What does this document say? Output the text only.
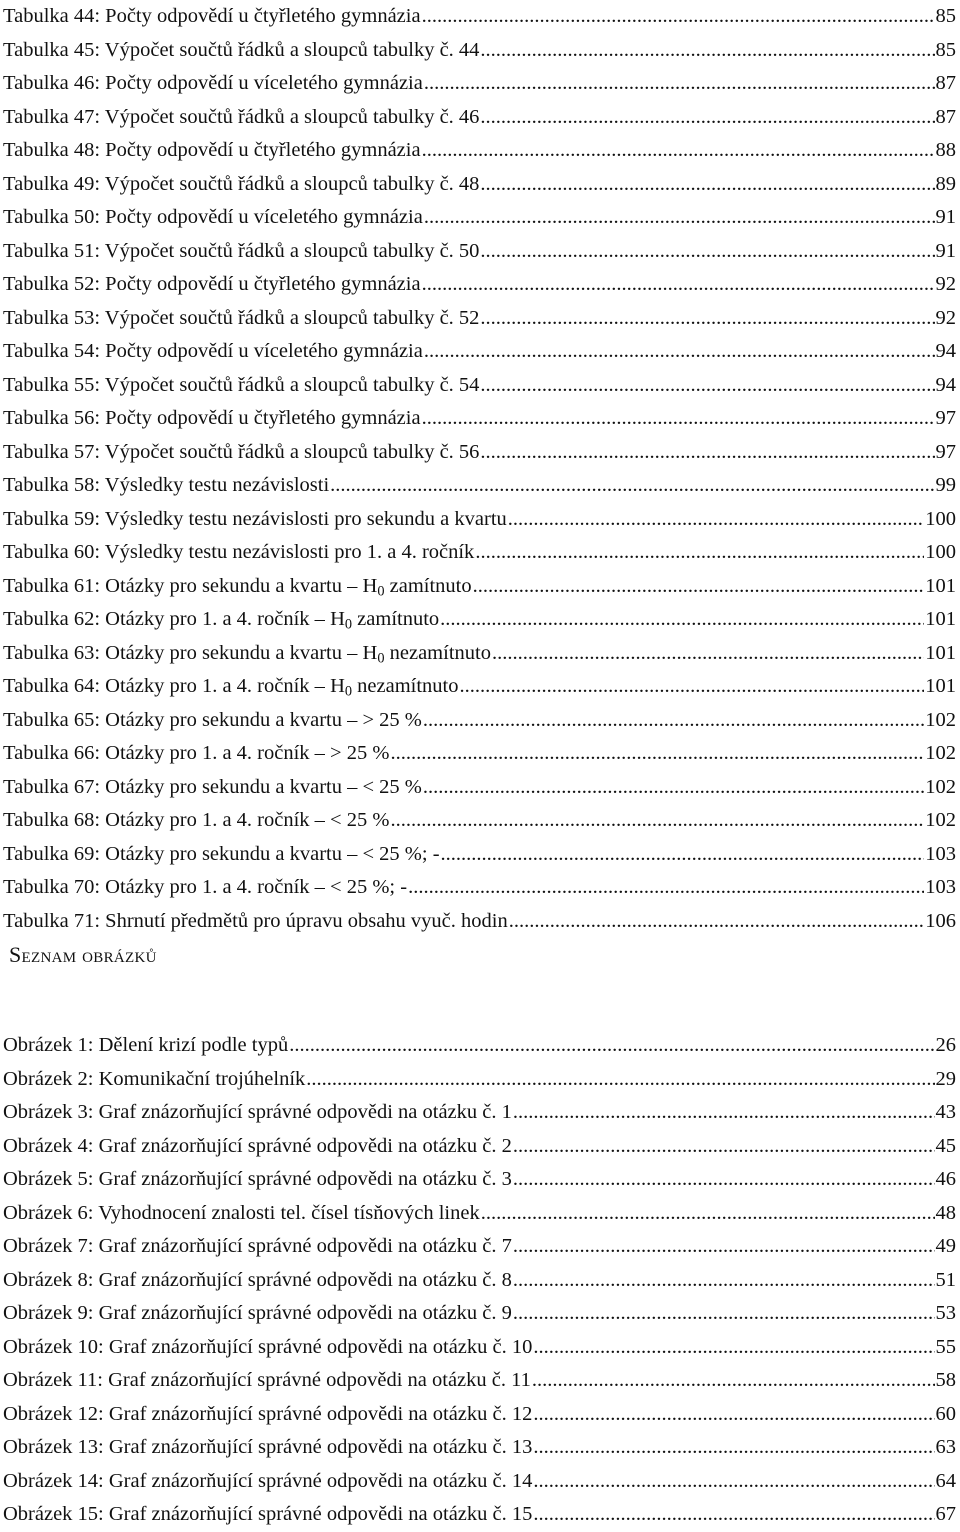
Tabulka 44: Počty odpovědí u čtyřletého gymnázia .....	85
Tabulka 45: Výpočet součtů řádků a sloupců tabulky č. 44 .....	85
Tabulka 46: Počty odpovědí u víceletého gymnázia .....	87
Tabulka 47: Výpočet součtů řádků a sloupců tabulky č. 46 .....	87
Tabulka 48: Počty odpovědí u čtyřletého gymnázia .....	88
Tabulka 49: Výpočet součtů řádků a sloupců tabulky č. 48 .....	89
Tabulka 50: Počty odpovědí u víceletého gymnázia .....	91
Tabulka 51: Výpočet součtů řádků a sloupců tabulky č. 50 .....	91
Tabulka 52: Počty odpovědí u čtyřletého gymnázia .....	92
Tabulka 53: Výpočet součtů řádků a sloupců tabulky č. 52 .....	92
Tabulka 54: Počty odpovědí u víceletého gymnázia .....	94
Tabulka 55: Výpočet součtů řádků a sloupců tabulky č. 54 .....	94
Tabulka 56: Počty odpovědí u čtyřletého gymnázia .....	97
Tabulka 57: Výpočet součtů řádků a sloupců tabulky č. 56 .....	97
Tabulka 58: Výsledky testu nezávislosti .....	99
Tabulka 59: Výsledky testu nezávislosti pro sekundu a kvartu .....	100
Tabulka 60: Výsledky testu nezávislosti pro 1. a 4. ročník .....	100
Tabulka 61: Otázky pro sekundu a kvartu – $H_0$ zamítnuto .....	101
Tabulka 62: Otázky pro 1. a 4. ročník – $H_0$ zamítnuto .....	101
Tabulka 63: Otázky pro sekundu a kvartu – $H_0$ nezamítnuto .....	101
Tabulka 64: Otázky pro 1. a 4. ročník – $H_0$ nezamítnuto .....	101
Tabulka 65: Otázky pro sekundu a kvartu – > 25 % .....	102
Tabulka 66: Otázky pro 1. a 4. ročník – > 25 % .....	102
Tabulka 67: Otázky pro sekundu a kvartu – < 25 % .....	102
Tabulka 68: Otázky pro 1. a 4. ročník – < 25 % .....	102
Tabulka 69: Otázky pro sekundu a kvartu – < 25 %; - .....	103
Tabulka 70: Otázky pro 1. a 4. ročník – < 25 %; - .....	103
Tabulka 71: Shrnutí předmětů pro úpravu obsahu vyuč. hodin .....	106
Seznam obrázků
Obrázek 1: Dělení krizí podle typů .....	26
Obrázek 2: Komunikační trojúhelník .....	29
Obrázek 3: Graf znázorňující správné odpovědi na otázku č. 1 .....	43
Obrázek 4: Graf znázorňující správné odpovědi na otázku č. 2 .....	45
Obrázek 5: Graf znázorňující správné odpovědi na otázku č. 3 .....	46
Obrázek 6: Vyhodnocení znalosti tel. čísel tísňových linek .....	48
Obrázek 7: Graf znázorňující správné odpovědi na otázku č. 7 .....	49
Obrázek 8: Graf znázorňující správné odpovědi na otázku č. 8 .....	51
Obrázek 9: Graf znázorňující správné odpovědi na otázku č. 9 .....	53
Obrázek 10: Graf znázorňující správné odpovědi na otázku č. 10 .....	55
Obrázek 11: Graf znázorňující správné odpovědi na otázku č. 11 .....	58
Obrázek 12: Graf znázorňující správné odpovědi na otázku č. 12 .....	60
Obrázek 13: Graf znázorňující správné odpovědi na otázku č. 13 .....	63
Obrázek 14: Graf znázorňující správné odpovědi na otázku č. 14 .....	64
Obrázek 15: Graf znázorňující správné odpovědi na otázku č. 15 .....	67
